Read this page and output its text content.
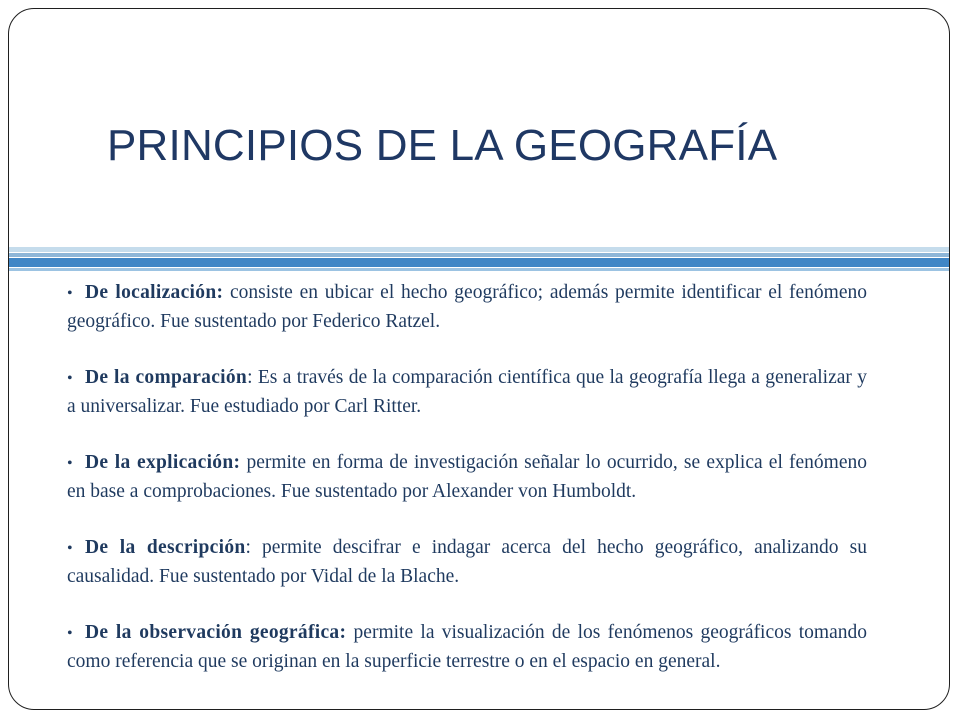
PRINCIPIOS DE LA GEOGRAFÍA

• De localización: consiste en ubicar el hecho geográfico; además permite identificar el fenómeno geográfico. Fue sustentado por Federico Ratzel.

• De la comparación: Es a través de la comparación científica que la geografía llega a generalizar y a universalizar. Fue estudiado por Carl Ritter.

• De la explicación: permite en forma de investigación señalar lo ocurrido, se explica el fenómeno en base a comprobaciones. Fue sustentado por Alexander von Humboldt.

• De la descripción: permite descifrar e indagar acerca del hecho geográfico, analizando su causalidad. Fue sustentado por Vidal de la Blache.

• De la observación geográfica: permite la visualización de los fenómenos geográficos tomando como referencia que se originan en la superficie terrestre o en el espacio en general.
